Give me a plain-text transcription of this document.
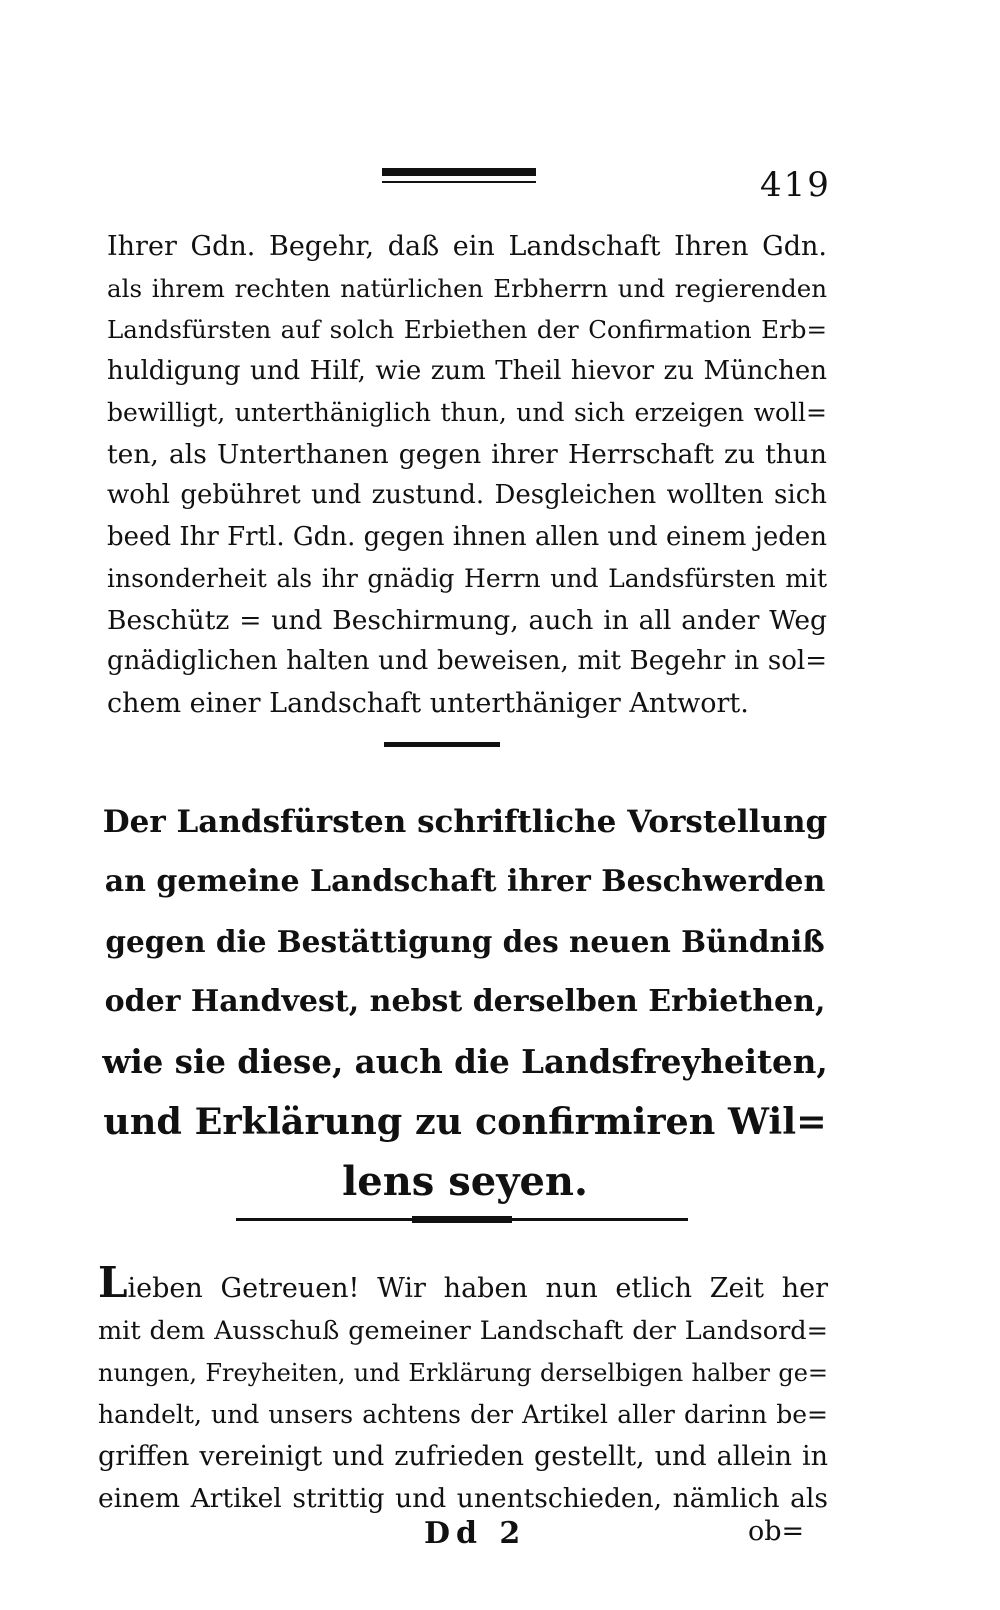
419
Ihrer Gdn. Begehr, daß ein Landschaft Ihren Gdn.
als ihrem rechten natürlichen Erbherrn und regierenden
Landsfürsten auf solch Erbiethen der Confirmation Erb=
huldigung und Hilf, wie zum Theil hievor zu München
bewilligt, unterthäniglich thun, und sich erzeigen woll=
ten, als Unterthanen gegen ihrer Herrschaft zu thun
wohl gebühret und zustund. Desgleichen wollten sich
beed Ihr Frtl. Gdn. gegen ihnen allen und einem jeden
insonderheit als ihr gnädig Herrn und Landsfürsten mit
Beschütz = und Beschirmung, auch in all ander Weg
gnädiglichen halten und beweisen, mit Begehr in sol=
chem einer Landschaft unterthäniger Antwort.
Der Landsfürsten schriftliche Vorstellung
an gemeine Landschaft ihrer Beschwerden
gegen die Bestättigung des neuen Bündniß
oder Handvest, nebst derselben Erbiethen,
wie sie diese, auch die Landsfreyheiten,
und Erklärung zu confirmiren Wil=
lens seyen.
Lieben Getreuen! Wir haben nun etlich Zeit her
mit dem Ausschuß gemeiner Landschaft der Landsord=
nungen, Freyheiten, und Erklärung derselbigen halber ge=
handelt, und unsers achtens der Artikel aller darinn be=
griffen vereinigt und zufrieden gestellt, und allein in
einem Artikel strittig und unentschieden, nämlich als
Dd 2	ob=
